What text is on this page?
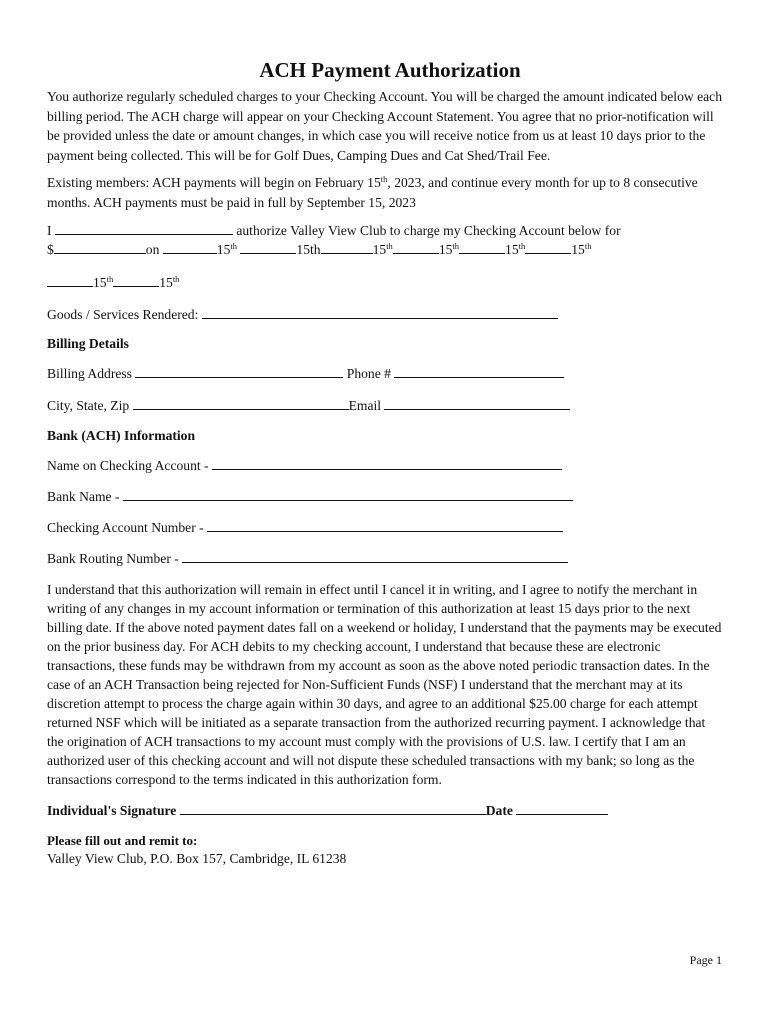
ACH Payment Authorization

You authorize regularly scheduled charges to your Checking Account. You will be charged the amount indicated below each billing period. The ACH charge will appear on your Checking Account Statement. You agree that no prior-notification will be provided unless the date or amount changes, in which case you will receive notice from us at least 10 days prior to the payment being collected. This will be for Golf Dues, Camping Dues and Cat Shed/Trail Fee.

Existing members: ACH payments will begin on February 15th, 2023, and continue every month for up to 8 consecutive months. ACH payments must be paid in full by September 15, 2023

I	authorize Valley View Club to charge my Checking Account below for
$	on	15th	15th	15th	15th	15th	15th
15th	15th
Goods / Services Rendered:
Billing Details
Billing Address	Phone #
City, State, Zip	Email
Bank (ACH) Information
Name on Checking Account -
Bank Name -
Checking Account Number -
Bank Routing Number -

I understand that this authorization will remain in effect until I cancel it in writing, and I agree to notify the merchant in writing of any changes in my account information or termination of this authorization at least 15 days prior to the next billing date. If the above noted payment dates fall on a weekend or holiday, I understand that the payments may be executed on the prior business day. For ACH debits to my checking account, I understand that because these are electronic transactions, these funds may be withdrawn from my account as soon as the above noted periodic transaction dates. In the case of an ACH Transaction being rejected for Non-Sufficient Funds (NSF) I understand that the merchant may at its discretion attempt to process the charge again within 30 days, and agree to an additional $25.00 charge for each attempt returned NSF which will be initiated as a separate transaction from the authorized recurring payment. I acknowledge that the origination of ACH transactions to my account must comply with the provisions of U.S. law. I certify that I am an authorized user of this checking account and will not dispute these scheduled transactions with my bank; so long as the transactions correspond to the terms indicated in this authorization form.

Individual's Signature	Date
Please fill out and remit to:
Valley View Club, P.O. Box 157, Cambridge, IL 61238
Page 1
